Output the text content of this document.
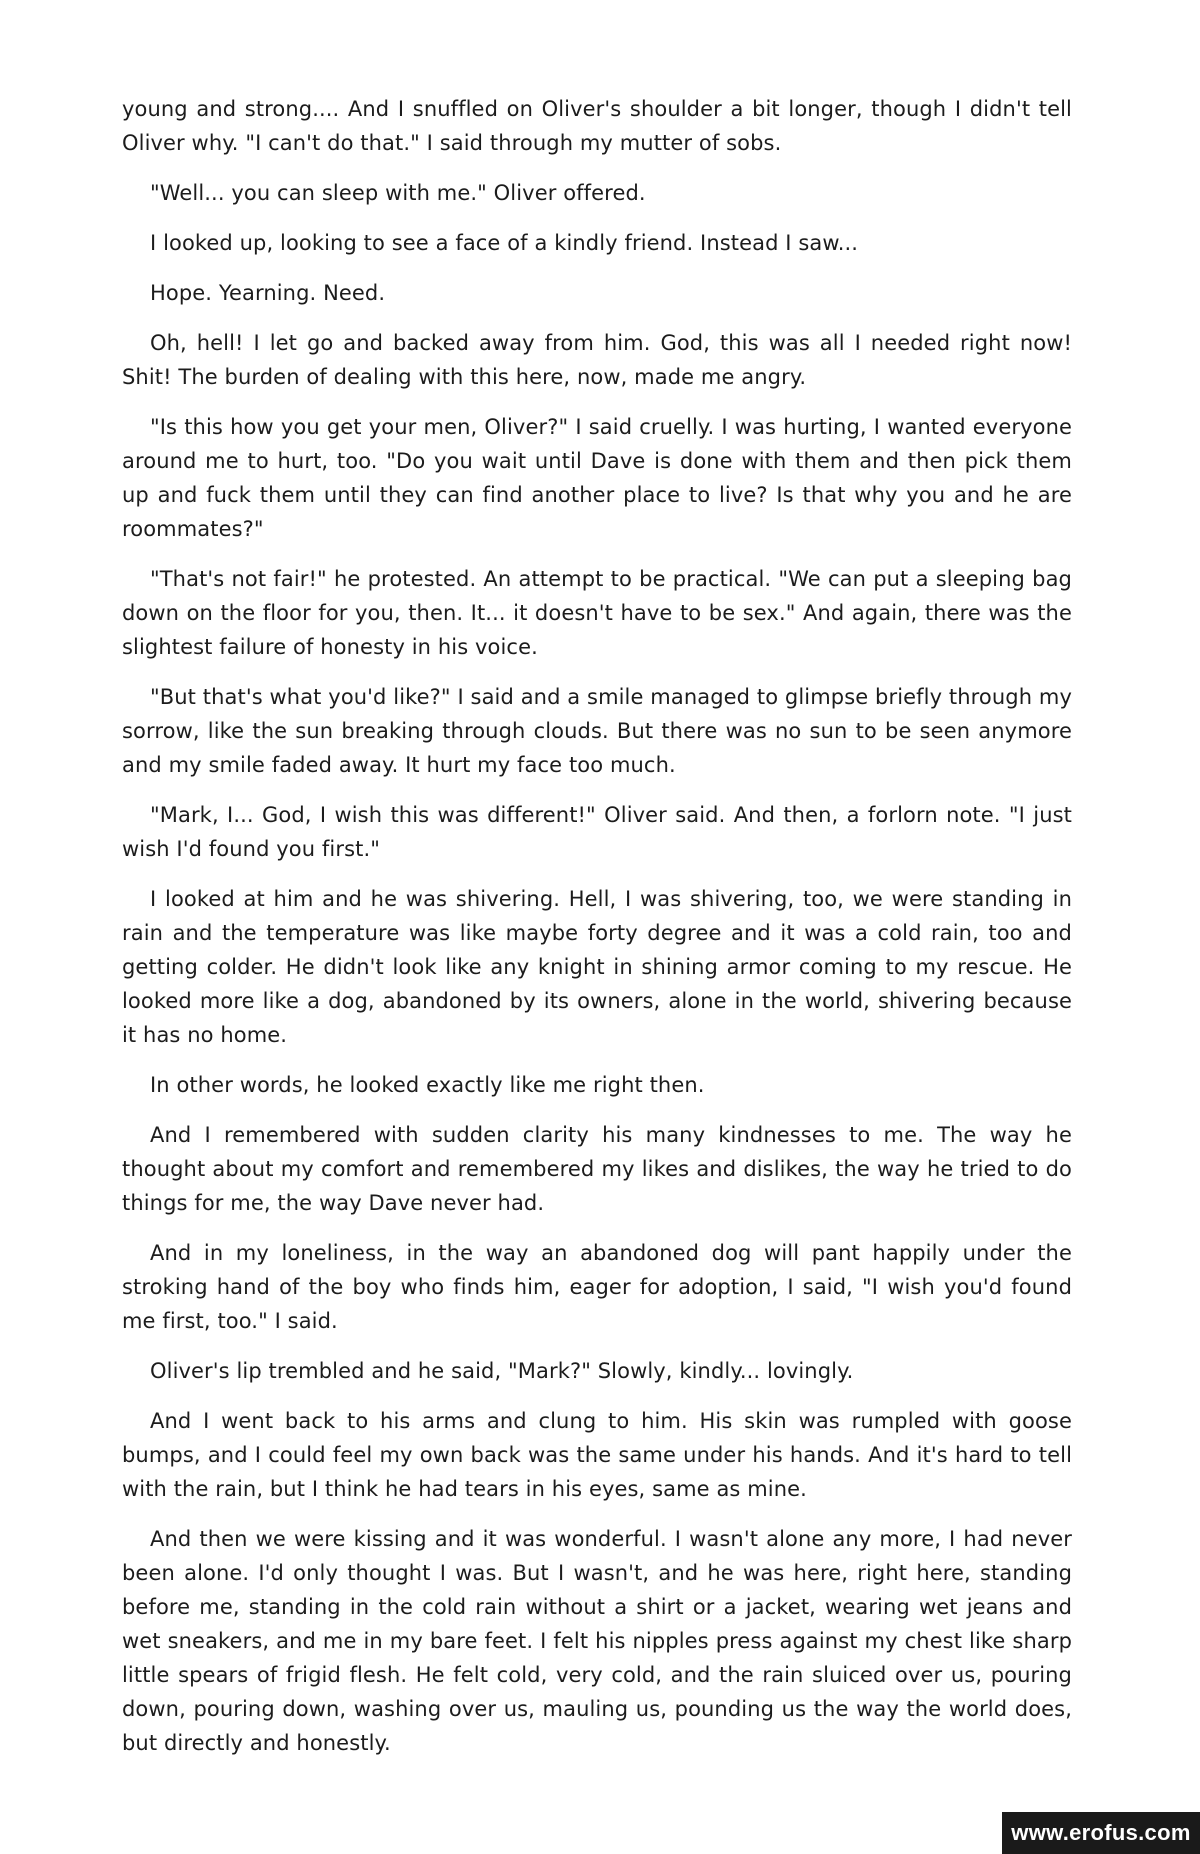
young and strong.... And I snuffled on Oliver's shoulder a bit longer, though I didn't tell Oliver why. "I can't do that." I said through my mutter of sobs.

"Well... you can sleep with me." Oliver offered.

I looked up, looking to see a face of a kindly friend. Instead I saw...

Hope. Yearning. Need.

Oh, hell! I let go and backed away from him. God, this was all I needed right now! Shit! The burden of dealing with this here, now, made me angry.

"Is this how you get your men, Oliver?" I said cruelly. I was hurting, I wanted everyone around me to hurt, too. "Do you wait until Dave is done with them and then pick them up and fuck them until they can find another place to live? Is that why you and he are roommates?"

"That's not fair!" he protested. An attempt to be practical. "We can put a sleeping bag down on the floor for you, then. It... it doesn't have to be sex." And again, there was the slightest failure of honesty in his voice.

"But that's what you'd like?" I said and a smile managed to glimpse briefly through my sorrow, like the sun breaking through clouds. But there was no sun to be seen anymore and my smile faded away. It hurt my face too much.

"Mark, I... God, I wish this was different!" Oliver said. And then, a forlorn note. "I just wish I'd found you first."

I looked at him and he was shivering. Hell, I was shivering, too, we were standing in rain and the temperature was like maybe forty degree and it was a cold rain, too and getting colder. He didn't look like any knight in shining armor coming to my rescue. He looked more like a dog, abandoned by its owners, alone in the world, shivering because it has no home.

In other words, he looked exactly like me right then.

And I remembered with sudden clarity his many kindnesses to me. The way he thought about my comfort and remembered my likes and dislikes, the way he tried to do things for me, the way Dave never had.

And in my loneliness, in the way an abandoned dog will pant happily under the stroking hand of the boy who finds him, eager for adoption, I said, "I wish you'd found me first, too." I said.

Oliver's lip trembled and he said, "Mark?" Slowly, kindly... lovingly.

And I went back to his arms and clung to him. His skin was rumpled with goose bumps, and I could feel my own back was the same under his hands. And it's hard to tell with the rain, but I think he had tears in his eyes, same as mine.

And then we were kissing and it was wonderful. I wasn't alone any more, I had never been alone. I'd only thought I was. But I wasn't, and he was here, right here, standing before me, standing in the cold rain without a shirt or a jacket, wearing wet jeans and wet sneakers, and me in my bare feet. I felt his nipples press against my chest like sharp little spears of frigid flesh. He felt cold, very cold, and the rain sluiced over us, pouring down, pouring down, washing over us, mauling us, pounding us the way the world does, but directly and honestly.

www.erofus.com
